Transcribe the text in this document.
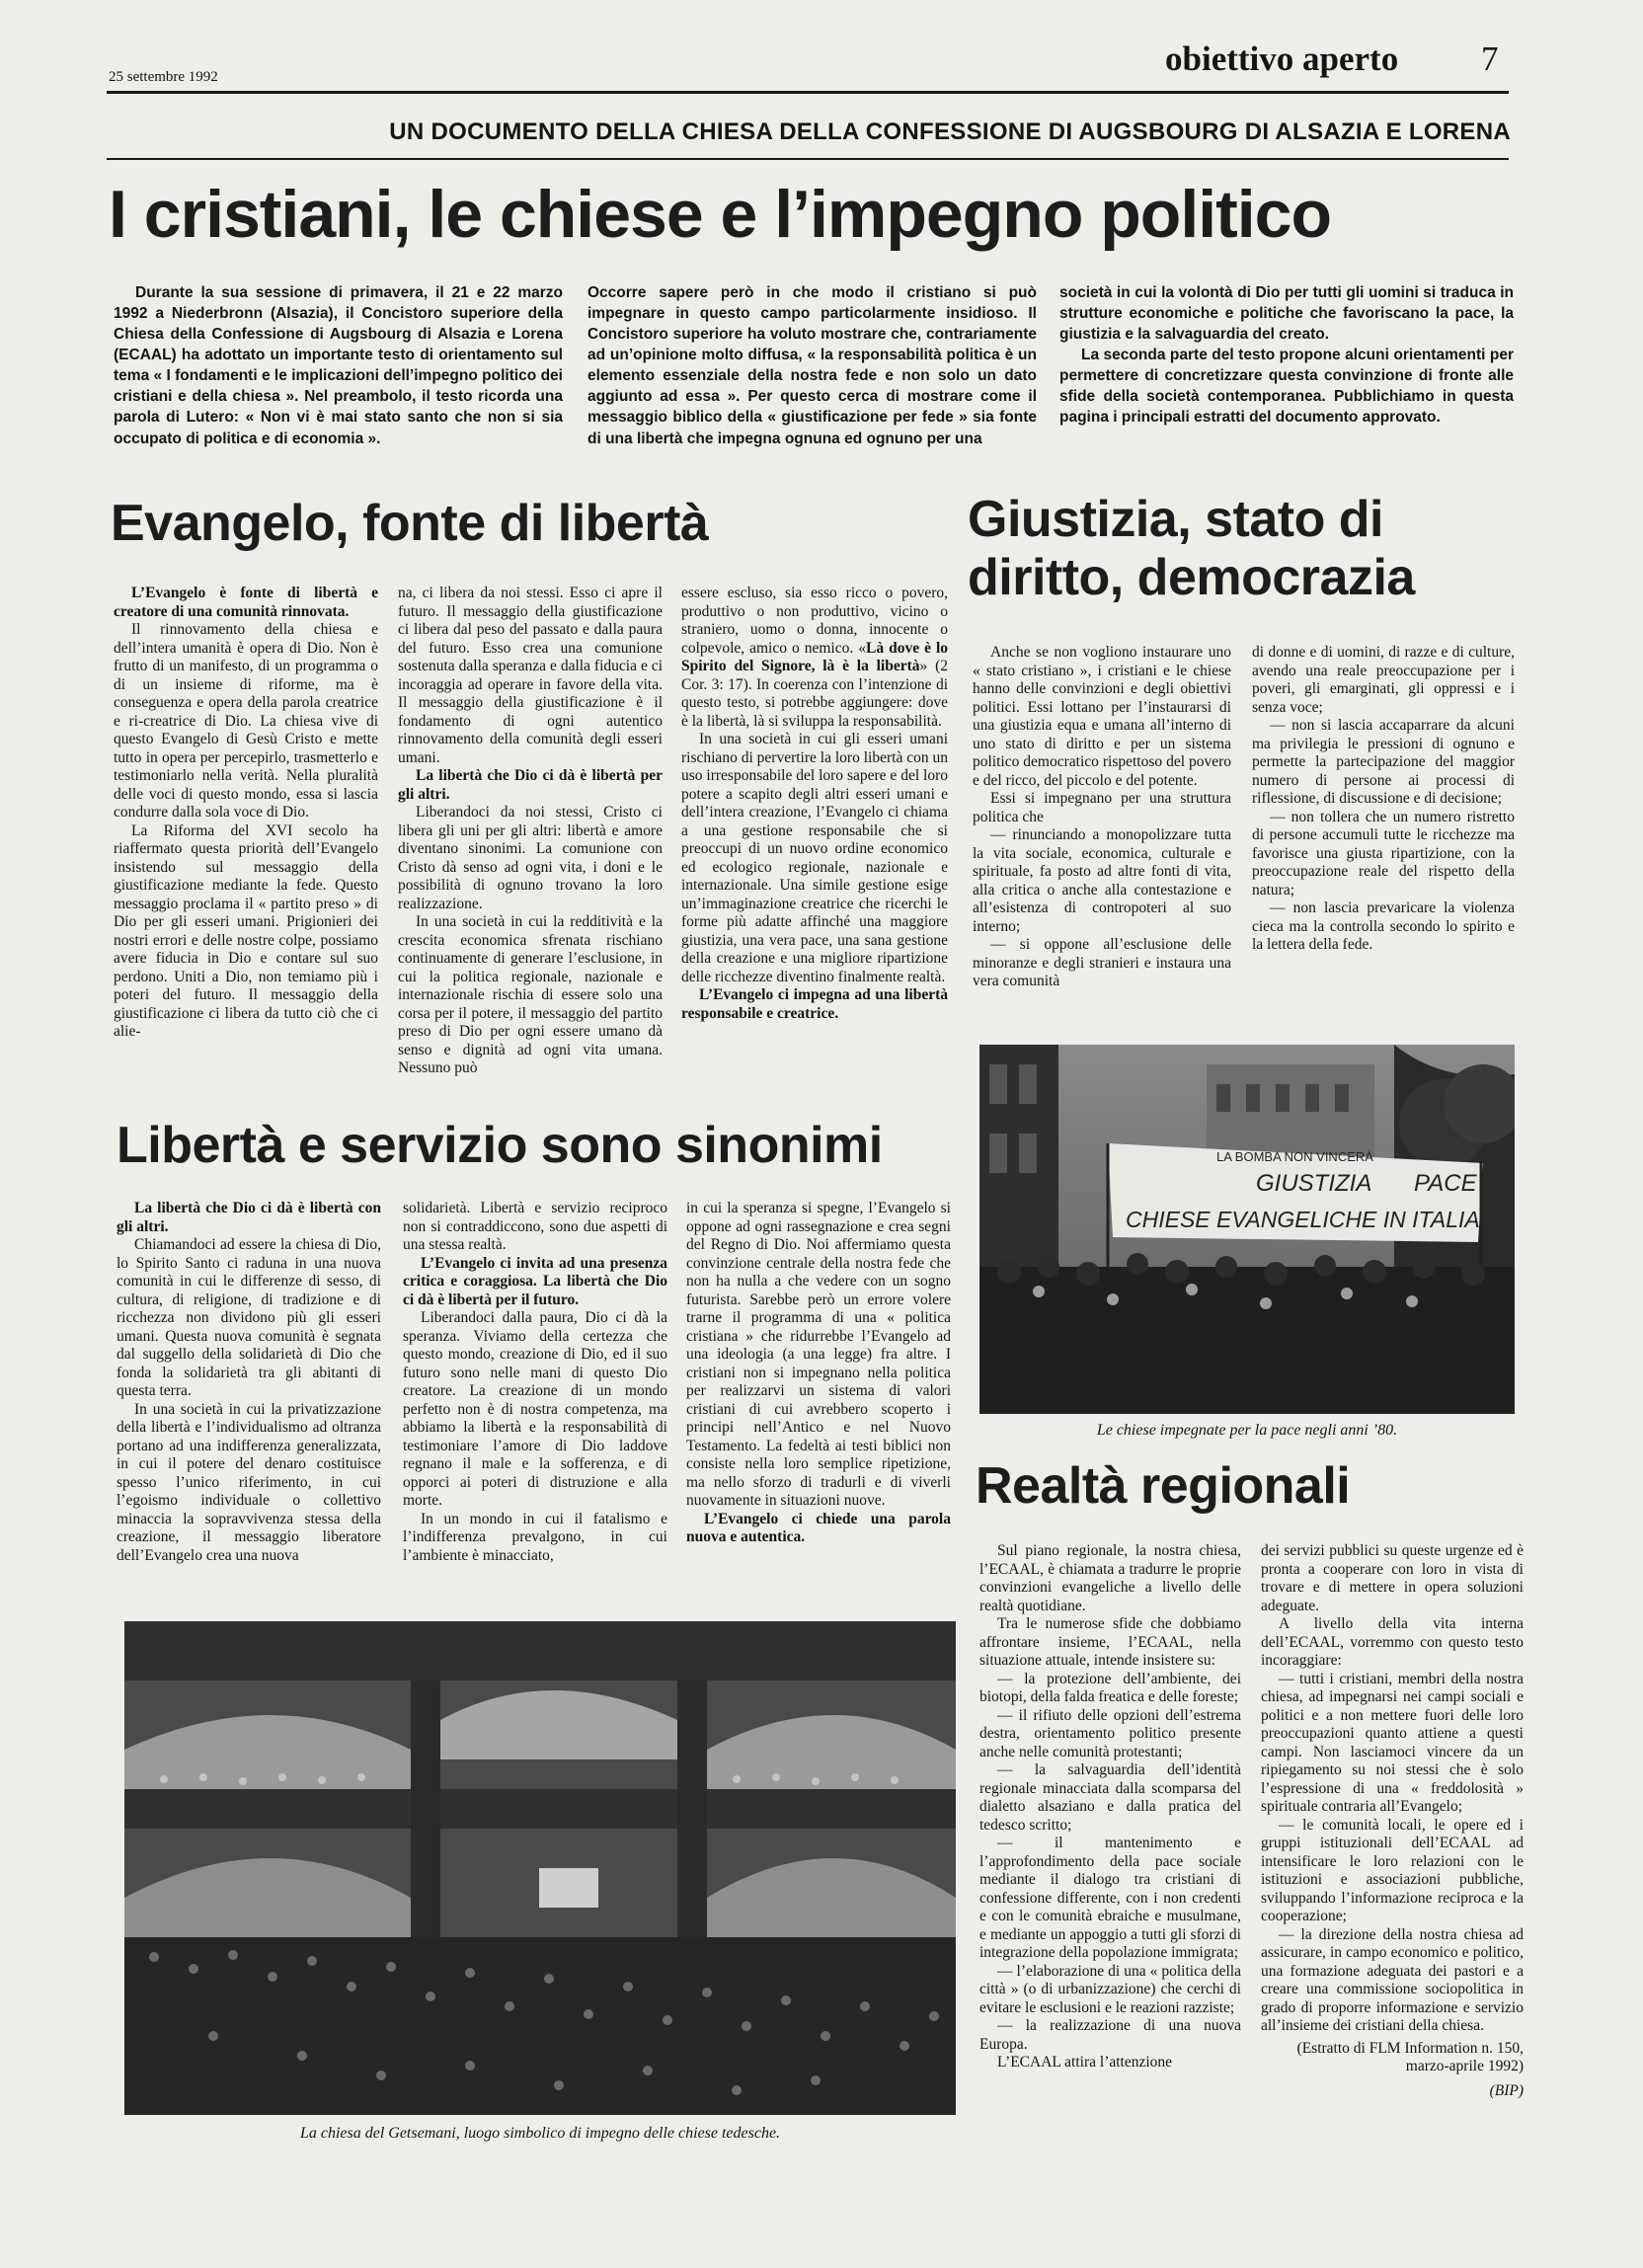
25 settembre 1992	obiettivo aperto 7
UN DOCUMENTO DELLA CHIESA DELLA CONFESSIONE DI AUGSBOURG DI ALSAZIA E LORENA
I cristiani, le chiese e l’impegno politico

Durante la sua sessione di primavera, il 21 e 22 marzo 1992 a Niederbronn (Alsazia), il Concistoro superiore della Chiesa della Confessione di Augsbourg di Alsazia e Lorena (ECAAL) ha adottato un importante testo di orientamento sul tema « I fondamenti e le implicazioni dell’impegno politico dei cristiani e della chiesa ». Nel preambolo, il testo ricorda una parola di Lutero: « Non vi è mai stato santo che non si sia occupato di politica e di economia ».

Occorre sapere però in che modo il cristiano si può impegnare in questo campo particolarmente insidioso. Il Concistoro superiore ha voluto mostrare che, contrariamente ad un’opinione molto diffusa, « la responsabilità politica è un elemento essenziale della nostra fede e non solo un dato aggiunto ad essa ». Per questo cerca di mostrare come il messaggio biblico della « giustificazione per fede » sia fonte di una libertà che impegna ognuna ed ognuno per una

società in cui la volontà di Dio per tutti gli uomini si traduca in strutture economiche e politiche che favoriscano la pace, la giustizia e la salvaguardia del creato.

La seconda parte del testo propone alcuni orientamenti per permettere di concretizzare questa convinzione di fronte alle sfide della società contemporanea. Pubblichiamo in questa pagina i principali estratti del documento approvato.

Evangelo, fonte di libertà

L’Evangelo è fonte di libertà e creatore di una comunità rinnovata.

Il rinnovamento della chiesa e dell’intera umanità è opera di Dio. Non è frutto di un manifesto, di un programma o di un insieme di riforme, ma è conseguenza e opera della parola creatrice e ri-creatrice di Dio. La chiesa vive di questo Evangelo di Gesù Cristo e mette tutto in opera per percepirlo, trasmetterlo e testimoniarlo nella verità. Nella pluralità delle voci di questo mondo, essa si lascia condurre dalla sola voce di Dio.

La Riforma del XVI secolo ha riaffermato questa priorità dell’Evangelo insistendo sul messaggio della giustificazione mediante la fede. Questo messaggio proclama il « partito preso » di Dio per gli esseri umani. Prigionieri dei nostri errori e delle nostre colpe, possiamo avere fiducia in Dio e contare sul suo perdono. Uniti a Dio, non temiamo più i poteri del futuro. Il messaggio della giustificazione ci libera da tutto ciò che ci alie-

na, ci libera da noi stessi. Esso ci apre il futuro. Il messaggio della giustificazione ci libera dal peso del passato e dalla paura del futuro. Esso crea una comunione sostenuta dalla speranza e dalla fiducia e ci incoraggia ad operare in favore della vita. Il messaggio della giustificazione è il fondamento di ogni autentico rinnovamento della comunità degli esseri umani.

La libertà che Dio ci dà è libertà per gli altri.

Liberandoci da noi stessi, Cristo ci libera gli uni per gli altri: libertà e amore diventano sinonimi. La comunione con Cristo dà senso ad ogni vita, i doni e le possibilità di ognuno trovano la loro realizzazione.

In una società in cui la redditività e la crescita economica sfrenata rischiano continuamente di generare l’esclusione, in cui la politica regionale, nazionale e internazionale rischia di essere solo una corsa per il potere, il messaggio del partito preso di Dio per ogni essere umano dà senso e dignità ad ogni vita umana. Nessuno può

essere escluso, sia esso ricco o povero, produttivo o non produttivo, vicino o straniero, uomo o donna, innocente o colpevole, amico o nemico. «Là dove è lo Spirito del Signore, là è la libertà» (2 Cor. 3: 17). In coerenza con l’intenzione di questo testo, si potrebbe aggiungere: dove è la libertà, là si sviluppa la responsabilità.

In una società in cui gli esseri umani rischiano di pervertire la loro libertà con un uso irresponsabile del loro sapere e del loro potere a scapito degli altri esseri umani e dell’intera creazione, l’Evangelo ci chiama a una gestione responsabile che si preoccupi di un nuovo ordine economico ed ecologico regionale, nazionale e internazionale. Una simile gestione esige un’immaginazione creatrice che ricerchi le forme più adatte affinché una maggiore giustizia, una vera pace, una sana gestione della creazione e una migliore ripartizione delle ricchezze diventino finalmente realtà.

L’Evangelo ci impegna ad una libertà responsabile e creatrice.

Giustizia, stato di diritto, democrazia

Anche se non vogliono instaurare uno « stato cristiano », i cristiani e le chiese hanno delle convinzioni e degli obiettivi politici. Essi lottano per l’instaurarsi di una giustizia equa e umana all’interno di uno stato di diritto e per un sistema politico democratico rispettoso del povero e del ricco, del piccolo e del potente.

Essi si impegnano per una struttura politica che

— rinunciando a monopolizzare tutta la vita sociale, economica, culturale e spirituale, fa posto ad altre fonti di vita, alla critica o anche alla contestazione e all’esistenza di contropoteri al suo interno;

— si oppone all’esclusione delle minoranze e degli stranieri e instaura una vera comunità

di donne e di uomini, di razze e di culture, avendo una reale preoccupazione per i poveri, gli emarginati, gli oppressi e i senza voce;

— non si lascia accaparrare da alcuni ma privilegia le pressioni di ognuno e permette la partecipazione del maggior numero di persone ai processi di riflessione, di discussione e di decisione;

— non tollera che un numero ristretto di persone accumuli tutte le ricchezze ma favorisce una giusta ripartizione, con la preoccupazione reale del rispetto della natura;

— non lascia prevaricare la violenza cieca ma la controlla secondo lo spirito e la lettera della fede.

LA BOMBA NON VINCERÀ
GIUSTIZIA PACE
CHIESE EVANGELICHE IN ITALIA
Le chiese impegnate per la pace negli anni ’80.
Libertà e servizio sono sinonimi

La libertà che Dio ci dà è libertà con gli altri.

Chiamandoci ad essere la chiesa di Dio, lo Spirito Santo ci raduna in una nuova comunità in cui le differenze di sesso, di cultura, di religione, di tradizione e di ricchezza non dividono più gli esseri umani. Questa nuova comunità è segnata dal suggello della solidarietà di Dio che fonda la solidarietà tra gli abitanti di questa terra.

In una società in cui la privatizzazione della libertà e l’individualismo ad oltranza portano ad una indifferenza generalizzata, in cui il potere del denaro costituisce spesso l’unico riferimento, in cui l’egoismo individuale o collettivo minaccia la sopravvivenza stessa della creazione, il messaggio liberatore dell’Evangelo crea una nuova

solidarietà. Libertà e servizio reciproco non si contraddiccono, sono due aspetti di una stessa realtà.

L’Evangelo ci invita ad una presenza critica e coraggiosa. La libertà che Dio ci dà è libertà per il futuro.

Liberandoci dalla paura, Dio ci dà la speranza. Viviamo della certezza che questo mondo, creazione di Dio, ed il suo futuro sono nelle mani di questo Dio creatore. La creazione di un mondo perfetto non è di nostra competenza, ma abbiamo la libertà e la responsabilità di testimoniare l’amore di Dio laddove regnano il male e la sofferenza, e di opporci ai poteri di distruzione e alla morte.

In un mondo in cui il fatalismo e l’indifferenza prevalgono, in cui l’ambiente è minacciato,

in cui la speranza si spegne, l’Evangelo si oppone ad ogni rassegnazione e crea segni del Regno di Dio. Noi affermiamo questa convinzione centrale della nostra fede che non ha nulla a che vedere con un sogno futurista. Sarebbe però un errore volere trarne il programma di una « politica cristiana » che ridurrebbe l’Evangelo ad una ideologia (a una legge) fra altre. I cristiani non si impegnano nella politica per realizzarvi un sistema di valori cristiani di cui avrebbero scoperto i principi nell’Antico e nel Nuovo Testamento. La fedeltà ai testi biblici non consiste nella loro semplice ripetizione, ma nello sforzo di tradurli e di viverli nuovamente in situazioni nuove.

L’Evangelo ci chiede una parola nuova e autentica.

La chiesa del Getsemani, luogo simbolico di impegno delle chiese tedesche.
Realtà regionali

Sul piano regionale, la nostra chiesa, l’ECAAL, è chiamata a tradurre le proprie convinzioni evangeliche a livello delle realtà quotidiane.

Tra le numerose sfide che dobbiamo affrontare insieme, l’ECAAL, nella situazione attuale, intende insistere su:

— la protezione dell’ambiente, dei biotopi, della falda freatica e delle foreste;

— il rifiuto delle opzioni dell’estrema destra, orientamento politico presente anche nelle comunità protestanti;

— la salvaguardia dell’identità regionale minacciata dalla scomparsa del dialetto alsaziano e dalla pratica del tedesco scritto;

— il mantenimento e l’approfondimento della pace sociale mediante il dialogo tra cristiani di confessione differente, con i non credenti e con le comunità ebraiche e musulmane, e mediante un appoggio a tutti gli sforzi di integrazione della popolazione immigrata;

— l’elaborazione di una « politica della città » (o di urbanizzazione) che cerchi di evitare le esclusioni e le reazioni razziste;

— la realizzazione di una nuova Europa.

L’ECAAL attira l’attenzione

dei servizi pubblici su queste urgenze ed è pronta a cooperare con loro in vista di trovare e di mettere in opera soluzioni adeguate.

A livello della vita interna dell’ECAAL, vorremmo con questo testo incoraggiare:

— tutti i cristiani, membri della nostra chiesa, ad impegnarsi nei campi sociali e politici e a non mettere fuori delle loro preoccupazioni quanto attiene a questi campi. Non lasciamoci vincere da un ripiegamento su noi stessi che è solo l’espressione di una « freddolosità » spirituale contraria all’Evangelo;

— le comunità locali, le opere ed i gruppi istituzionali dell’ECAAL ad intensificare le loro relazioni con le istituzioni e associazioni pubbliche, sviluppando l’informazione reciproca e la cooperazione;

— la direzione della nostra chiesa ad assicurare, in campo economico e politico, una formazione adeguata dei pastori e a creare una commissione sociopolitica in grado di proporre informazione e servizio all’insieme dei cristiani della chiesa.

(Estratto di FLM Information n. 150, marzo-aprile 1992)

(BIP)
